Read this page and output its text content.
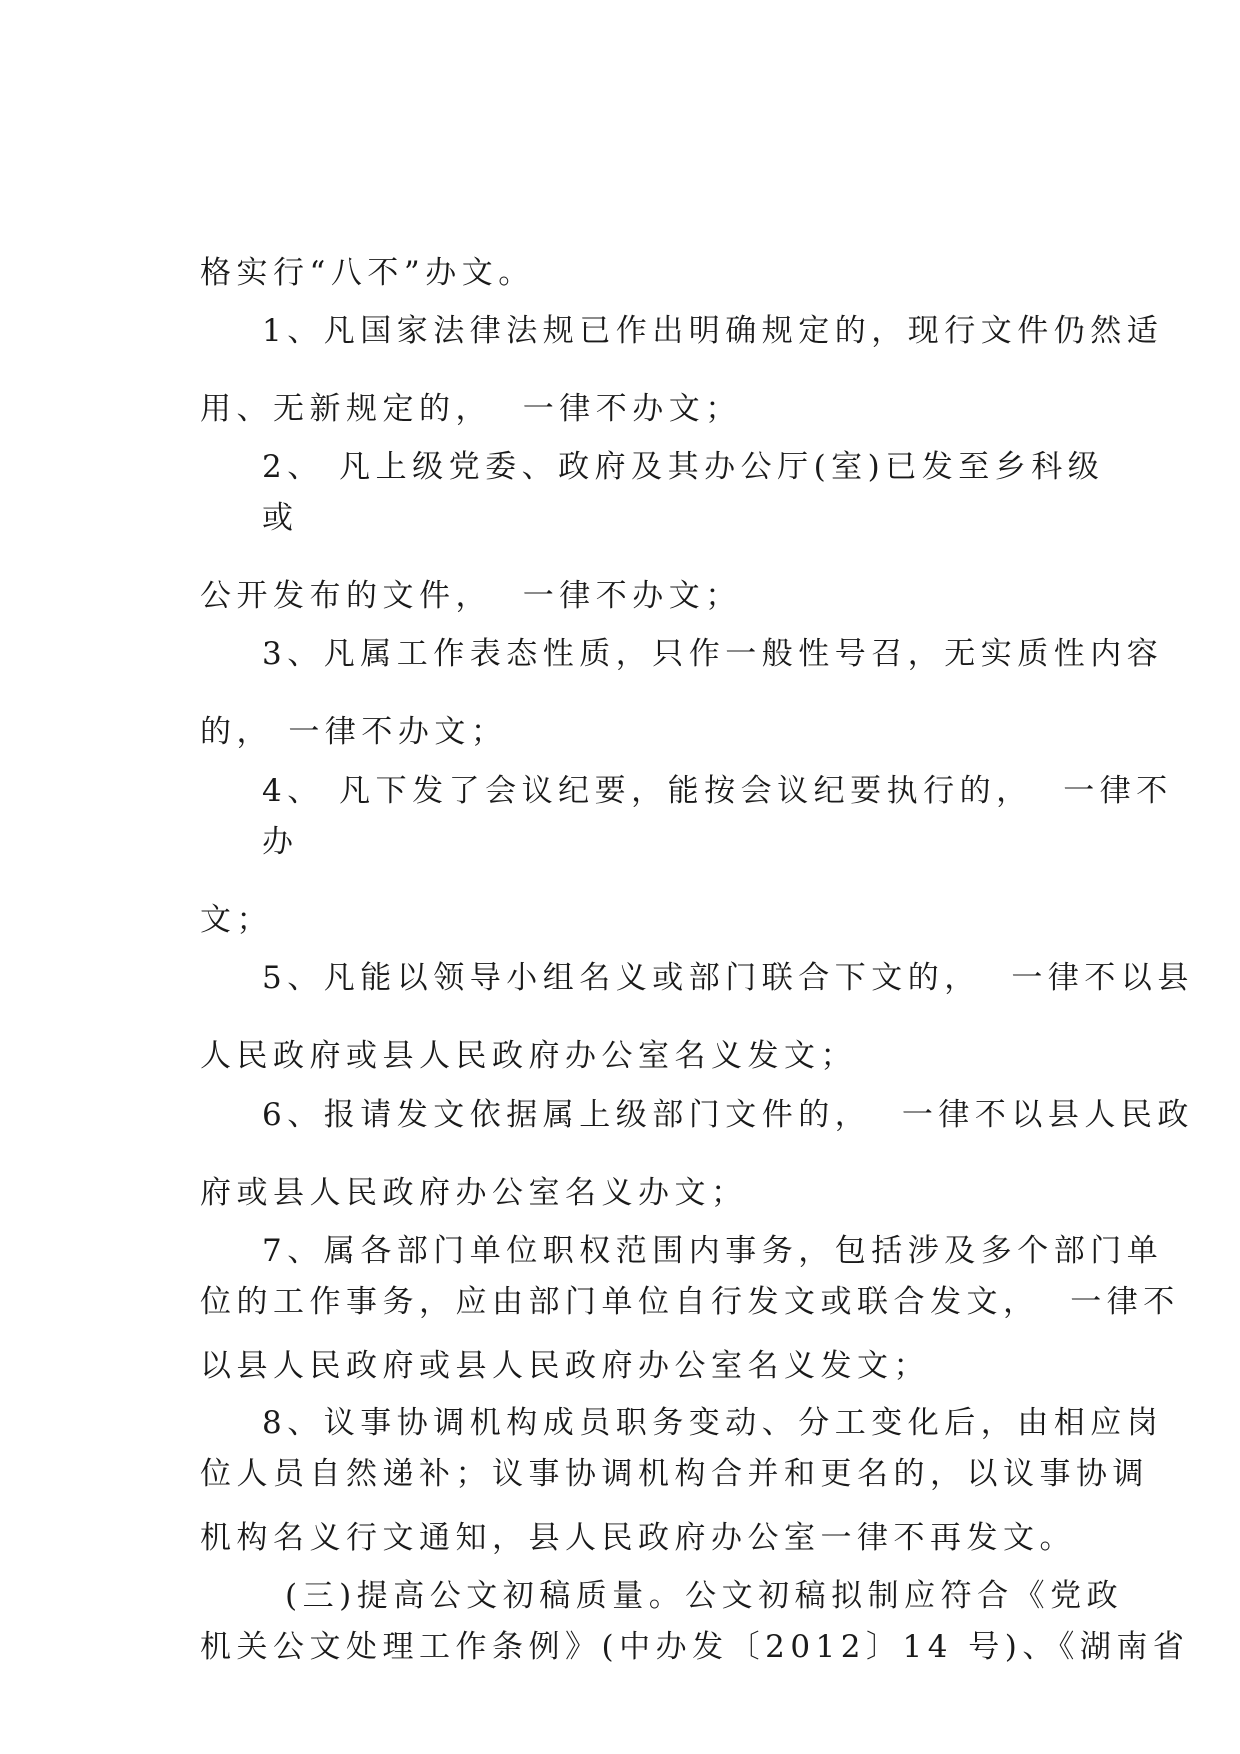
格实行“八不”办文。
1、凡国家法律法规已作出明确规定的，现行文件仍然适
用、无新规定的，  一律不办文；
2、 凡上级党委、政府及其办公厅(室)已发至乡科级
或
公开发布的文件，  一律不办文；
3、凡属工作表态性质，只作一般性号召，无实质性内容
的， 一律不办文；
4、 凡下发了会议纪要，能按会议纪要执行的，  一律不
办
文；
5、凡能以领导小组名义或部门联合下文的，  一律不以县
人民政府或县人民政府办公室名义发文；
6、报请发文依据属上级部门文件的，  一律不以县人民政
府或县人民政府办公室名义办文；
7、属各部门单位职权范围内事务，包括涉及多个部门单
位的工作事务，应由部门单位自行发文或联合发文，  一律不
以县人民政府或县人民政府办公室名义发文；
8、议事协调机构成员职务变动、分工变化后，由相应岗
位人员自然递补；议事协调机构合并和更名的，以议事协调
机构名义行文通知，县人民政府办公室一律不再发文。
(三)提高公文初稿质量。公文初稿拟制应符合《党政
机关公文处理工作条例》(中办发〔2012〕14 号)、《湖南省
